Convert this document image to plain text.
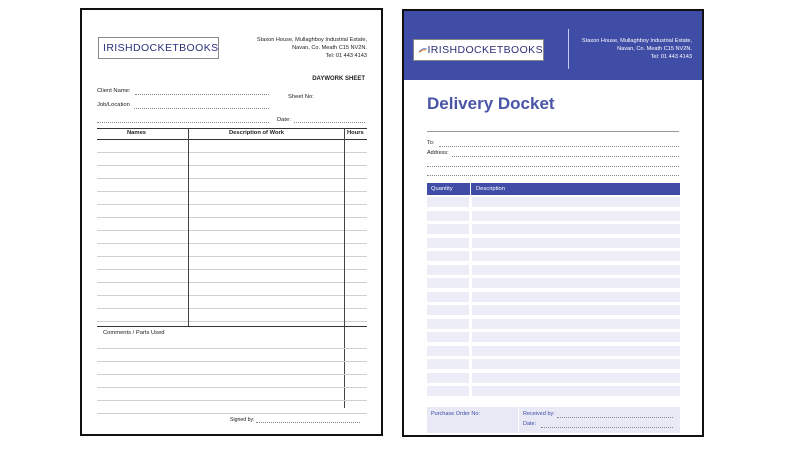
IRISHDOCKETBOOKS
Staxon House, Mullaghboy Industrial Estate,
Navan, Co. Meath C15 NV2N.
Tel: 01 443 4143
DAYWORK SHEET
Client Name:
Sheet No:
Job/Location
Date:
Names	Description of Work	Hours
Comments / Parts Used
Signed by:
IRISHDOCKETBOOKS
Staxon House, Mullaghboy Industrial Estate,
Navan, Co. Meath C15 NV2N.
Tel: 01 443 4143
Delivery Docket
To:
Address:
Quantity	Description
Purchase Order No:	Received by:
Date:
